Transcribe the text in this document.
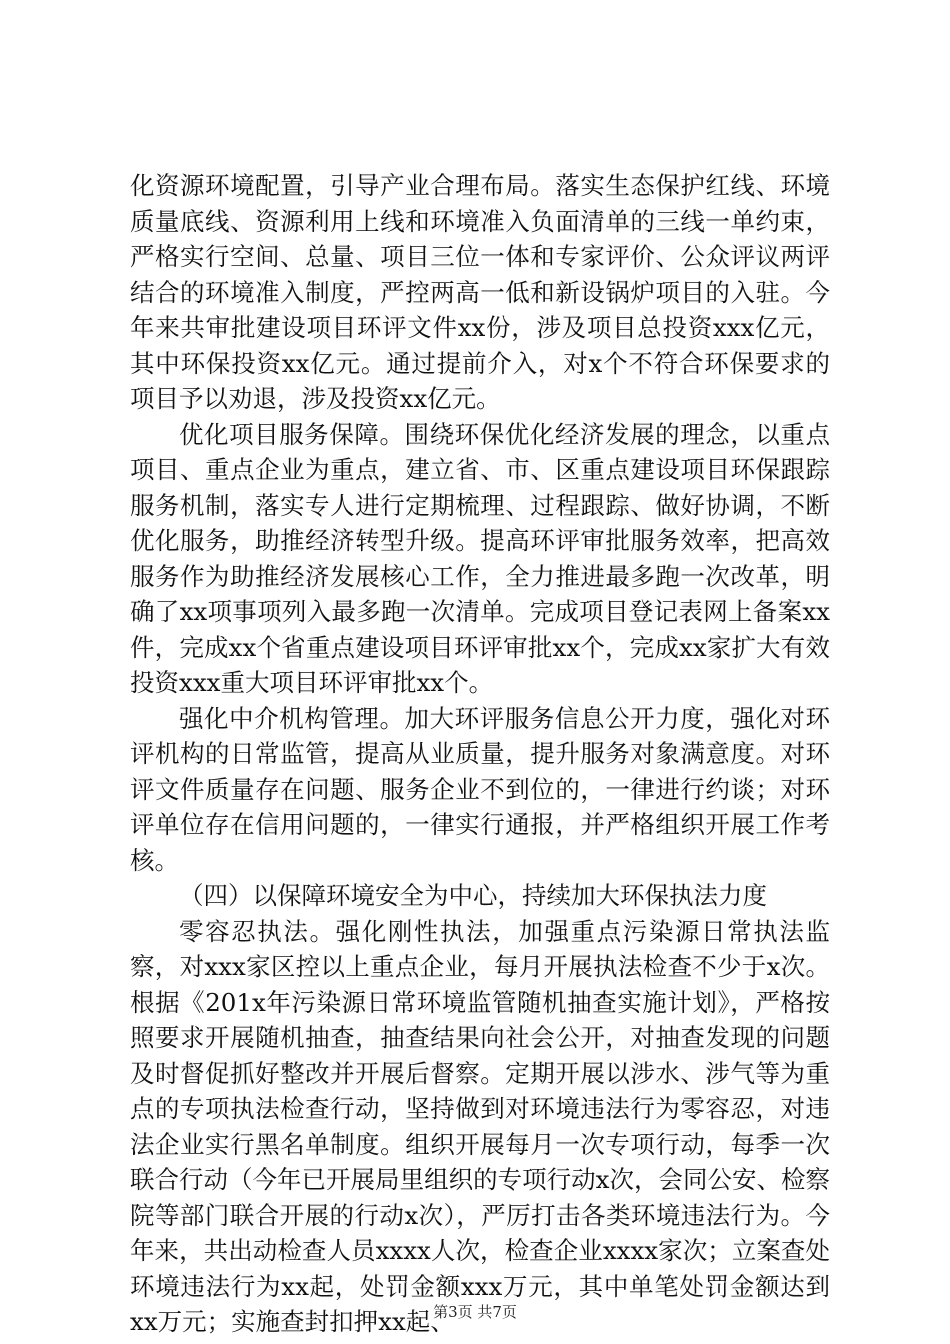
化资源环境配置，引导产业合理布局。落实生态保护红线、环境质量底线、资源利用上线和环境准入负面清单的三线一单约束，严格实行空间、总量、项目三位一体和专家评价、公众评议两评结合的环境准入制度，严控两高一低和新设锅炉项目的入驻。今年来共审批建设项目环评文件xx份，涉及项目总投资xxx亿元，其中环保投资xx亿元。通过提前介入，对x个不符合环保要求的项目予以劝退，涉及投资xx亿元。

优化项目服务保障。围绕环保优化经济发展的理念，以重点项目、重点企业为重点，建立省、市、区重点建设项目环保跟踪服务机制，落实专人进行定期梳理、过程跟踪、做好协调，不断优化服务，助推经济转型升级。提高环评审批服务效率，把高效服务作为助推经济发展核心工作，全力推进最多跑一次改革，明确了xx项事项列入最多跑一次清单。完成项目登记表网上备案xx件，完成xx个省重点建设项目环评审批xx个，完成xx家扩大有效投资xxx重大项目环评审批xx个。

强化中介机构管理。加大环评服务信息公开力度，强化对环评机构的日常监管，提高从业质量，提升服务对象满意度。对环评文件质量存在问题、服务企业不到位的，一律进行约谈；对环评单位存在信用问题的，一律实行通报，并严格组织开展工作考核。

（四）以保障环境安全为中心，持续加大环保执法力度

零容忍执法。强化刚性执法，加强重点污染源日常执法监察，对xxx家区控以上重点企业，每月开展执法检查不少于x次。根据《201x年污染源日常环境监管随机抽查实施计划》，严格按照要求开展随机抽查，抽查结果向社会公开，对抽查发现的问题及时督促抓好整改并开展后督察。定期开展以涉水、涉气等为重点的专项执法检查行动，坚持做到对环境违法行为零容忍，对违法企业实行黑名单制度。组织开展每月一次专项行动，每季一次联合行动（今年已开展局里组织的专项行动x次，会同公安、检察院等部门联合开展的行动x次），严厉打击各类环境违法行为。今年来，共出动检查人员xxxx人次，检查企业xxxx家次；立案查处环境违法行为xx起，处罚金额xxx万元，其中单笔处罚金额达到xx万元；实施查封扣押xx起、

第3页 共7页
